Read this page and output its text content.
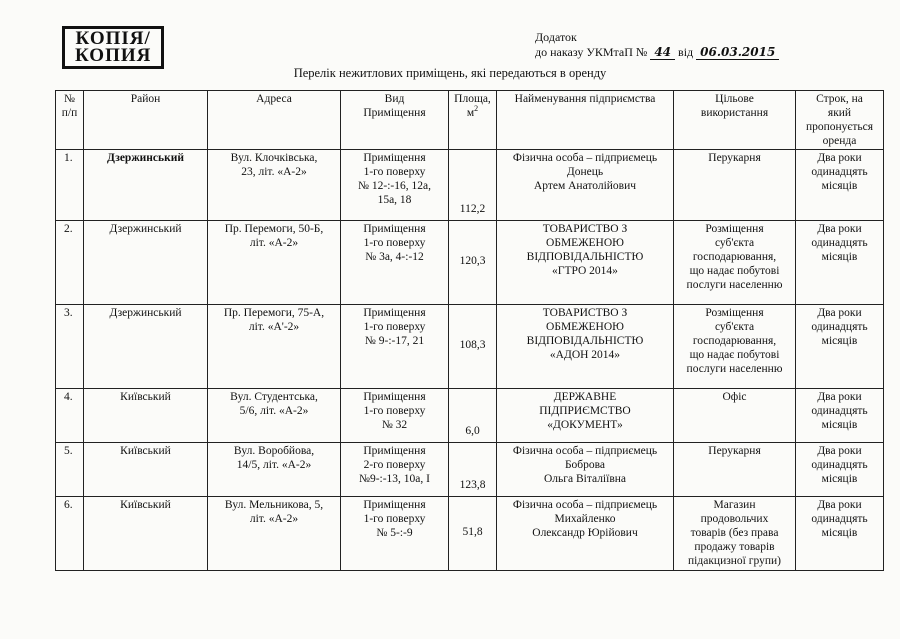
КОПІЯ/
КОПИЯ
Додаток
до наказу УКМтаП № 44 від 06.03.2015
Перелік нежитлових приміщень, які передаються в оренду
№
п/п	Район	Адреса	Вид
Приміщення	Площа,
$м^2$	Найменування підприємства	Цільове
використання	Строк, на
який
пропонується
оренда
1.	Дзержинський	Вул. Клочківська,
23, літ. «А-2»	Приміщення
1-го поверху
№ 12-:-16, 12а,
15а, 18	112,2	Фізична особа – підприємець
Донець
Артем Анатолійович	Перукарня	Два роки
одинадцять
місяців
2.	Дзержинський	Пр. Перемоги, 50-Б,
літ. «А-2»	Приміщення
1-го поверху
№ 3а, 4-:-12	120,3	ТОВАРИСТВО З
ОБМЕЖЕНОЮ
ВІДПОВІДАЛЬНІСТЮ
«ГТРО 2014»	Розміщення
суб'єкта
господарювання,
що надає побутові
послуги населенню	Два роки
одинадцять
місяців
3.	Дзержинський	Пр. Перемоги, 75-А,
літ. «А'-2»	Приміщення
1-го поверху
№ 9-:-17, 21	108,3	ТОВАРИСТВО З
ОБМЕЖЕНОЮ
ВІДПОВІДАЛЬНІСТЮ
«АДОН 2014»	Розміщення
суб'єкта
господарювання,
що надає побутові
послуги населенню	Два роки
одинадцять
місяців
4.	Київський	Вул. Студентська,
5/6, літ. «А-2»	Приміщення
1-го поверху
№ 32	6,0	ДЕРЖАВНЕ
ПІДПРИЄМСТВО
«ДОКУМЕНТ»	Офіс	Два роки
одинадцять
місяців
5.	Київський	Вул. Воробйова,
14/5, літ. «А-2»	Приміщення
2-го поверху
№9-:-13, 10а, I	123,8	Фізична особа – підприємець
Боброва
Ольга Віталіївна	Перукарня	Два роки
одинадцять
місяців
6.	Київський	Вул. Мельникова, 5,
літ. «А-2»	Приміщення
1-го поверху
№ 5-:-9	51,8	Фізична особа – підприємець
Михайленко
Олександр Юрійович	Магазин
продовольчих
товарів (без права
продажу товарів
підакцизної групи)	Два роки
одинадцять
місяців
